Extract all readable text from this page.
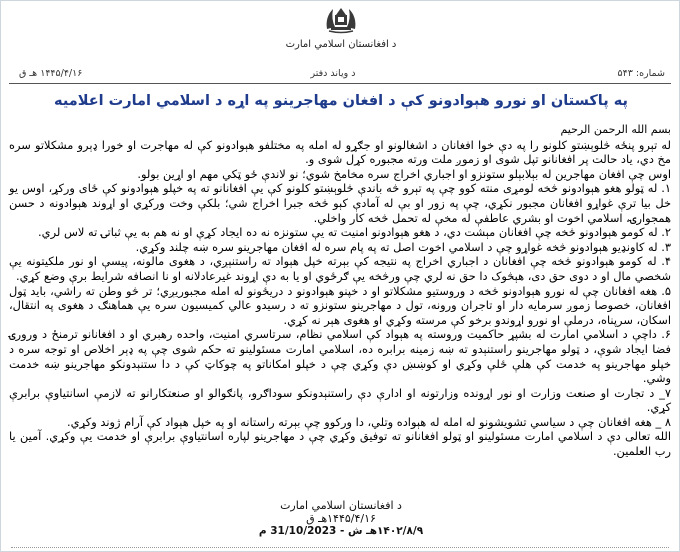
د افغانستان اسلامي امارت
شماره: ۵۴۳
د ویاند دفتر
۱۴۴۵/۴/۱۶ هـ ق
په پاکستان او نورو هېوادونو کې د افغان مهاجرينو په اړه د اسلامي امارت اعلاميه

بسم الله الرحمن الرحيم

له تېرو پنځه څلوېښتو کلونو را په دې خوا افغانان د اشغالونو او جګړو له امله په مختلفو هېوادونو کې له مهاجرت او خورا ډېرو مشکلاتو سره مخ دي، ياد حالت پر افغانانو تپل شوی او زموږ ملت ورته مجبوره کړل شوی و.

اوس چې افغان مهاجرين له بېلابېلو ستونزو او اجباري اخراج سره مخامخ شوي؛ نو لاندې ځو ټکي مهم او اړين بولو.

۱. له ټولو هغو هېوادونو څخه لومړی منته کوو چې په تېرو څه باندې څلوېښتو کلونو کې يې افغانانو ته په خپلو هېوادونو کې ځای ورکړ، اوس يو خل بيا ترې غواړو افغانان مجبور نکړي، چې په زور او بې له آمادې کېو څخه جبرا اخراج شي؛ بلکې وخت ورکړي او اړوند هېوادونه د حسن همجوارۍ، اسلامي اخوت او بشري عاطفې له مخې له تحمل څخه کار واخلي.

۲. له کومو هېوادونو څخه چې افغانان مېشت دي، د هغو هېوادونو امنيت ته يې ستونزه نه ده ايجاد کړې او نه هم به يې ثباتۍ ته لاس لري.

۳. له کاونډيو هېوادونو څخه غواړو چې د اسلامي اخوت اصل ته په پام سره له افغان مهاجرينو سره ښه چلند وکړي.

۴. له کومو هېوادونو څخه چې افغانان د اجباري اخراج په نتيجه کې بېرته خپل هېواد ته راستنېږي، د هغوی مالونه، پيسې او نور ملکيتونه يې شخصي مال او د دوی حق دی، هېڅوک دا حق نه لري چې ورڅخه يې ګرځوي او يا به دې اړوند غيرعادلانه او نا انصافه شرايط برې وضع کړي.

۵. هغه افغانان چې له نورو هېوادونو څخه د وروستيو مشکلاتو او د خپنو هېوادونو د دريځونو له امله مجبوريږي؛ تر څو وطن ته راشي، بايد ټول افغانان، خصوصا زموږ سرمايه دار او تاجران ورونه، تول د مهاجرينو ستونزو ته د رسيدو عالي کميسيون سره يې هماهنګ د هغوی په انتقال، اسکان، سرپناه، درملې او نورو اړوندو برخو کې مرسته وکړي او هغوی هېر نه کړي.

۶. داچې د اسلامي امارت له بشپړ حاکميت وروسته په هېواد کې اسلامي نظام، سرتاسري امنيت، واحده رهبري او د افغانانو ترمنځ د ورورۍ فضا ايجاد شوې، د ټولو مهاجرينو راستنېدو ته ښه زمينه برابره ده، اسلامي امارت مسئولينو ته حکم شوی چې په ډېر اخلاص او توجه سره د خپلو مهاجرينو په خدمت کې هلې ځلې وکړي او کوښښ دې وکړي چې د خپلو امکاناتو په چوکاټ کې د دا ستنېدونکو مهاجرينو ښه خدمت وشي.

۷_ د تجارت او صنعت وزارت او نور اړونده وزارتونه او ادارې دې راستنېدونکو سوداګرو، پانګوالو او صنعتکارانو ته لازمې اسانتياوې برابرې کړي.

۸ _ هغه افغانان چې د سياسي تشويشونو له امله له هېواده وتلي، دا ورکوو چې بېرته راستانه او په خپل هېواد کې آرام ژوند وکړي.

الله تعالی دې د اسلامي امارت مسئولينو او ټولو افغانانو ته توفيق وکړي چې د مهاجرينو لپاره اسانتياوې برابرې او خدمت يې وکړي. آمين يا رب العلمين.

د افغانستان اسلامي امارت
۱۴۴۵/۴/۱۶هـ ق
۱۴۰۲/۸/۹هـ ش - 31/10/2023 م
